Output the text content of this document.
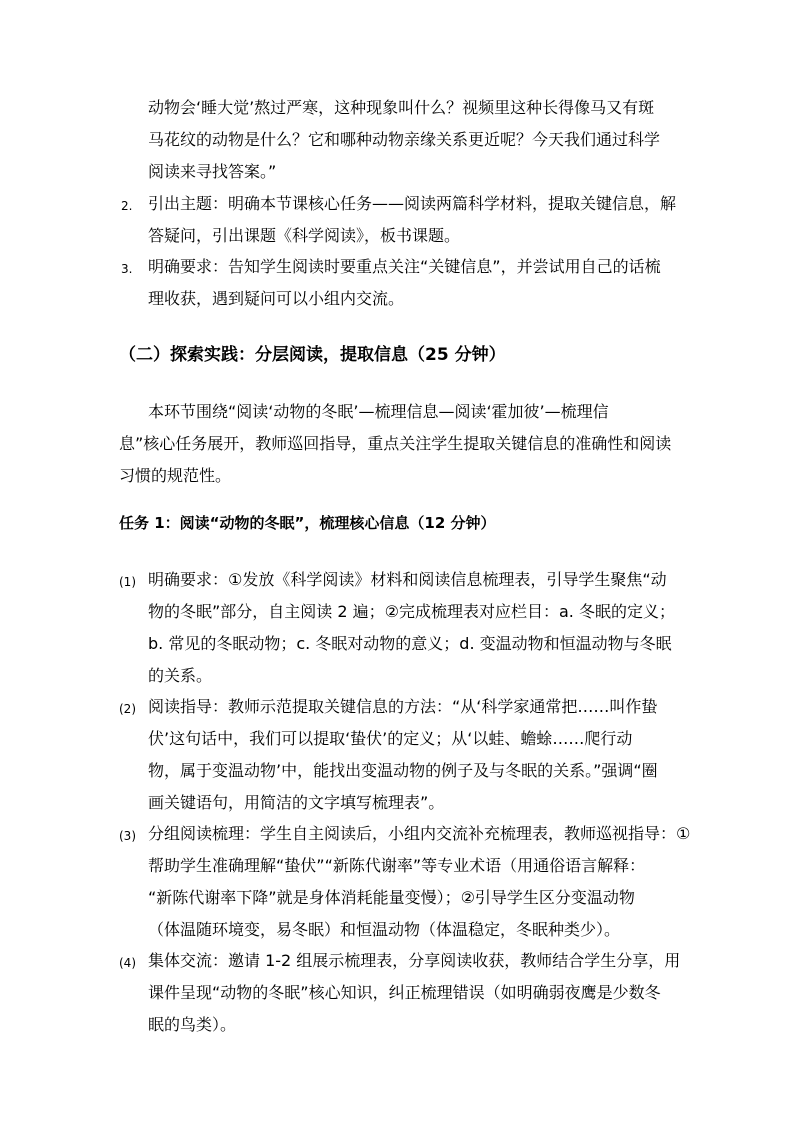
动物会‘睡大觉’熬过严寒，这种现象叫什么？视频里这种长得像马又有斑
马花纹的动物是什么？它和哪种动物亲缘关系更近呢？今天我们通过科学
阅读来寻找答案。”
2. 引出主题：明确本节课核心任务——阅读两篇科学材料，提取关键信息，解
答疑问，引出课题《科学阅读》，板书课题。
3. 明确要求：告知学生阅读时要重点关注“关键信息”，并尝试用自己的话梳
理收获，遇到疑问可以小组内交流。
（二）探索实践：分层阅读，提取信息（25 分钟）
本环节围绕“阅读‘动物的冬眠’—梳理信息—阅读‘霍加彼’—梳理信
息”核心任务展开，教师巡回指导，重点关注学生提取关键信息的准确性和阅读
习惯的规范性。
任务 1：阅读“动物的冬眠”，梳理核心信息（12 分钟）
(1) 明确要求：①发放《科学阅读》材料和阅读信息梳理表，引导学生聚焦“动
物的冬眠”部分，自主阅读 2 遍；②完成梳理表对应栏目：a. 冬眠的定义；
b. 常见的冬眠动物；c. 冬眠对动物的意义；d. 变温动物和恒温动物与冬眠
的关系。
(2) 阅读指导：教师示范提取关键信息的方法：“从‘科学家通常把……叫作蛰
伏’这句话中，我们可以提取‘蛰伏’的定义；从‘以蛙、蟾蜍……爬行动
物，属于变温动物’中，能找出变温动物的例子及与冬眠的关系。”强调“圈
画关键语句，用简洁的文字填写梳理表”。
(3) 分组阅读梳理：学生自主阅读后，小组内交流补充梳理表，教师巡视指导：①
帮助学生准确理解“蛰伏”“新陈代谢率”等专业术语（用通俗语言解释：
“新陈代谢率下降”就是身体消耗能量变慢）；②引导学生区分变温动物
（体温随环境变，易冬眠）和恒温动物（体温稳定，冬眠种类少）。
(4) 集体交流：邀请 1-2 组展示梳理表，分享阅读收获，教师结合学生分享，用
课件呈现“动物的冬眠”核心知识，纠正梳理错误（如明确弱夜鹰是少数冬
眠的鸟类）。
